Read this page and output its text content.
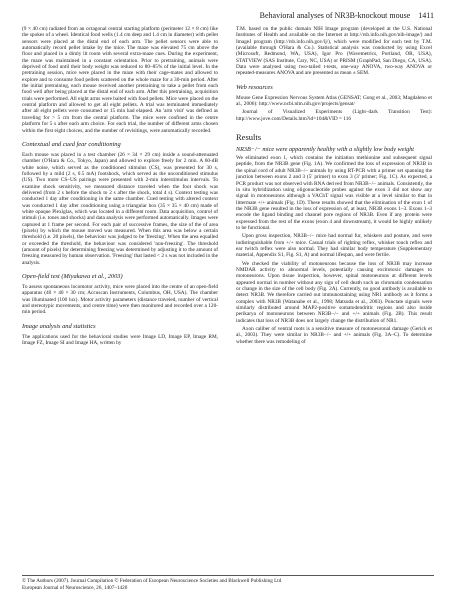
Behavioral analyses of NR3B-knockout mouse 1411

(9 × 40 cm) radiated from an octagonal central starting platform (perimeter 12 × 8 cm) like the spokes of a wheel. Identical food wells (1.4 cm deep and 1.4 cm in diameter) with pellet sensors were placed at the distal end of each arm. The pellet sensors were able to automatically record pellet intake by the mice. The maze was elevated 75 cm above the floor and placed in a dimly lit room with several extra-maze cues. During the experiment, the maze was maintained in a constant orientation. Prior to pretraining, animals were deprived of food until their body weight was reduced to 80–85% of the initial level. In the pretraining session, mice were placed in the maze with their cage-mates and allowed to explore and to consume food pellets scattered on the whole maze for a 30-min period. After the initial pretraining, each mouse received another pretraining to take a pellet from each food well after being placed at the distal end of each arm. After this pretraining, acquisition trials were performed. All eight arms were baited with food pellets. Mice were placed on the central platform and allowed to get all eight pellets. A trial was terminated immediately after all eight pellets were consumed or 15 min had elapsed. An 'arm visit' was defined as traveling for > 5 cm from the central platform. The mice were confined in the centre platform for 5 s after each arm choice. For each trial, the number of different arms chosen within the first eight choices, and the number of revisitings, were automatically recorded.

Contextual and cued fear conditioning

Each mouse was placed in a test chamber (26 × 34 × 29 cm) inside a sound-attenuated chamber (O'Hara & Co., Tokyo, Japan) and allowed to explore freely for 2 min. A 60-dB white noise, which served as the conditioned stimulus (CS), was presented for 30 s, followed by a mild (2 s, 0.5 mA) footshock, which served as the unconditioned stimulus (US). Two more CS–US pairings were presented with 2-min interstimulus intervals. To examine shock sensitivity, we measured distance traveled when the foot shock was delivered (from 2 s before the shock to 2 s after the shock, total 4 s). Context testing was conducted 1 day after conditioning in the same chamber. Cued testing with altered context was conducted 1 day after conditioning using a triangular box (35 × 35 × 40 cm) made of white opaque Plexiglas, which was located in a different room. Data acquisition, control of stimuli (i.e. tones and shocks) and data analysis were performed automatically. Images were captured at 1 frame per second. For each pair of successive frames, the size of the of area (pixels) by which the mouse moved was measured. When this area was below a certain threshold (i.e. 20 pixels), the behaviour was judged to be 'freezing'. When the area equalled or exceeded the threshold, the behaviour was considered 'non-freezing'. The threshold (amount of pixels) for determining freezing was determined by adjusting it to the amount of freezing measured by human observation. 'Freezing' that lasted < 2 s was not included in the analysis.

Open-field test (Miyakawa et al., 2003)

To assess spontaneous locomotor activity, mice were placed into the centre of an open-field apparatus (40 × 40 × 30 cm; Accuscan Instruments, Columbus, OH, USA). The chamber was illuminated (100 lux). Motor activity parameters (distance traveled, number of vertical and stereotypic movements, and centre time) were then monitored and recorded over a 120-min period.

Image analysis and statistics

The applications used for the behavioral studies were Image LD, Image EP, Image RM, Image FZ, Image SI and Image HA, written by

T.M. based on the public domain NIH Image program (developed at the U.S. National Institutes of Health and available on the Internet at http://rsb.info.nih.gov/nih-image/) and ImageJ program (http://rsb.info.nih.gov/ij/), which were modified for each test by T.M. (available through O'Hara & Co.). Statistical analysis was conducted by using Excel (Microsoft, Redmond, WA, USA), Igor Pro (Wavemetrics, Portland, OR, USA), STATVIEW (SAS Institute, Cary, NC, USA) or PRISM (GraphPad, San Diego, CA, USA). Data were analysed using two-tailed t-tests, one-way ANOVA, two-way ANOVA or repeated-measures ANOVA and are presented as mean ± SEM.

Web resources

Mouse Gene Expression Nervous System Atlas (GENSAT; Gong et al., 2003; Magdaleno et al., 2006): http://www.ncbi.nlm.nih.gov/projects/gensat/

Journal of Visualized Experiments (Light–dark Transition Test): http://www.jove.com/Details.htm?id=104&VID = 116

Results
NR3B−/− mice were apparently healthy with a slightly low body weight

We eliminated exon 1, which contains the initiation methionine and subsequent signal peptide, from the NR3B gene (Fig. 1A). We confirmed the loss of expression of NR3B in the spinal cord of adult NR3B−/− animals by using RT-PCR with a primer set spanning the junction between exons 2 and 3 (5′ primer) to exon 3 (3′ primer; Fig. 1C). As expected, a PCR product was not observed with RNA derived from NR3B−/− animals. Consistently, the in situ hybridization using oligonucleotide probes against the exon 3 did not show any signal in motoneurons although a VAChT signal was visible at a level similar to that in littermate +/+ animals (Fig. 1D). These results showed that the elimination of the exon 1 of the NR3B gene resulted in the loss of expression of, at least, NR3B exons 1–3. Exons 1–3 encode the ligand binding and channel pore regions of NR3B. Even if any protein were expressed from the rest of the exons (exon 4 and downstream), it would be highly unlikely to be functional.

Upon gross inspection, NR3B−/− mice had normal fur, whiskers and posture, and were indistinguishable from +/+ mice. Casual trials of righting reflex, whisker touch reflex and ear twitch reflex were also normal. They had similar body temperature (Supplementary material, Appendix S1, Fig. S1, A) and normal lifespan, and were fertile.

We checked the viability of motoneurons because the loss of NR3B may increase NMDAR activity to abnormal levels, potentially causing excitotoxic damages to motoneurons. Upon tissue inspection, however, spinal motoneurons at different levels appeared normal in number without any sign of cell death such as chromatin condensation or change in the size of the cell body (Fig. 2A). Currently, no good antibody is available to detect NR3B. We therefore carried out immunostaining using NR1 antibody as it forms a complex with NR3B (Watanabe et al., 1998; Matsuda et al., 2003). Punctate signals were similarly distributed around MAP2-positive somatodendritic regions and also inside perikarya of motoneurons between NR3B−/− and +/+ animals (Fig. 2B). This result indicates that loss of NR3B does not largely change the distribution of NR1.

Axon caliber of ventral roots is a sensitive measure of motoneuronal damage (Gerick et al., 2003). They were similar in NR3B−/− and +/+ animals (Fig. 3A–C). To determine whether there was remodeling of

© The Authors (2007). Journal Compilation © Federation of European Neuroscience Societies and Blackwell Publishing Ltd
European Journal of Neuroscience, 26, 1407–1420
